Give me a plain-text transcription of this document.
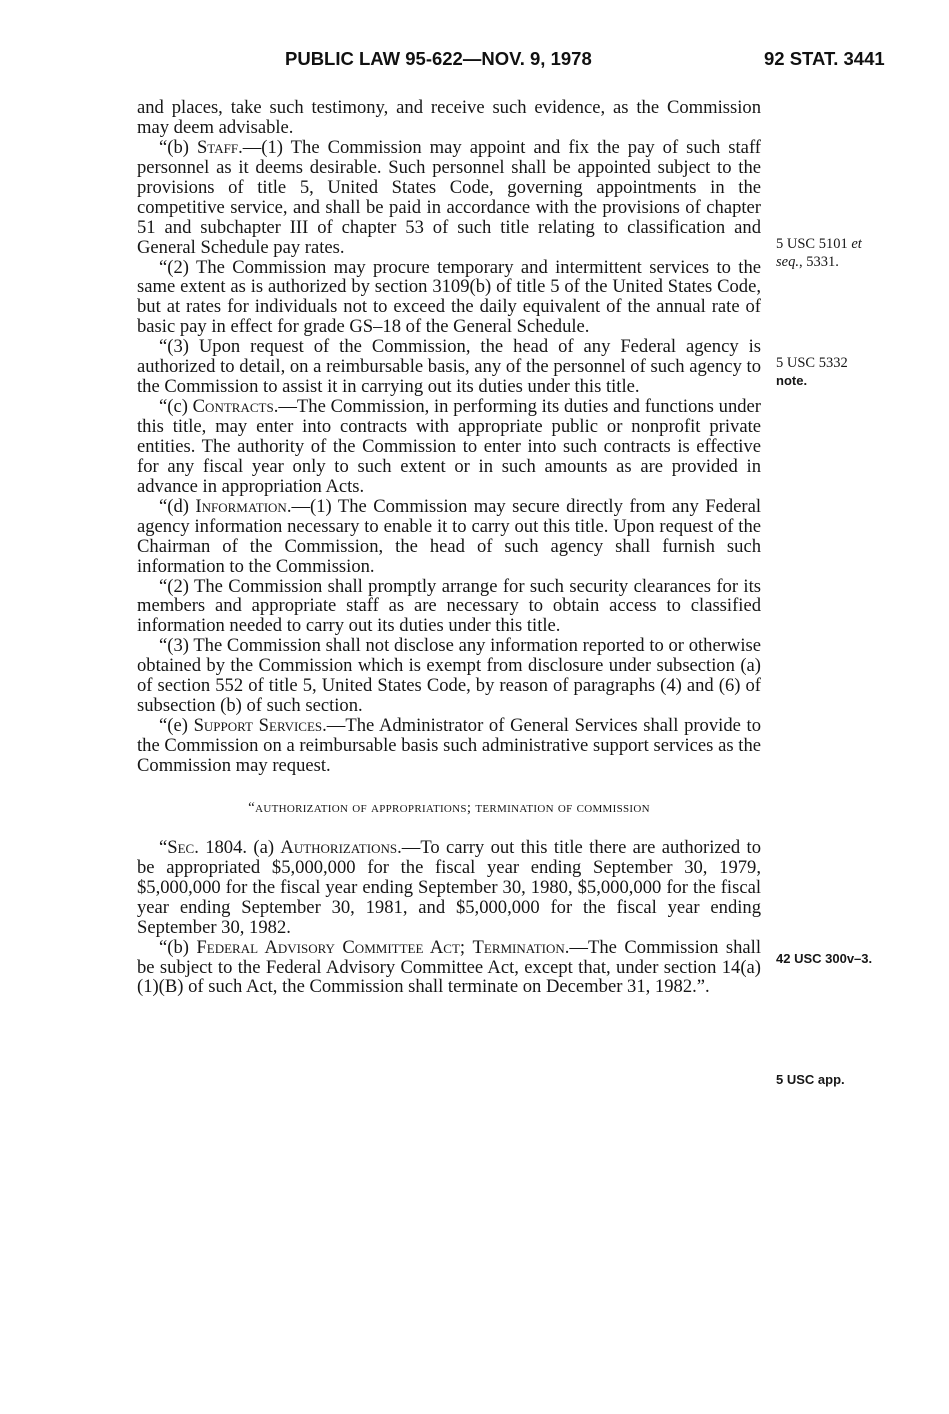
PUBLIC LAW 95-622—NOV. 9, 1978	92 STAT. 3441

and places, take such testimony, and receive such evidence, as the Commission may deem advisable.

“(b) Staff.—(1) The Commission may appoint and fix the pay of such staff personnel as it deems desirable. Such personnel shall be appointed subject to the provisions of title 5, United States Code, governing appointments in the competitive service, and shall be paid in accordance with the provisions of chapter 51 and subchapter III of chapter 53 of such title relating to classification and General Schedule pay rates.

“(2) The Commission may procure temporary and intermittent services to the same extent as is authorized by section 3109(b) of title 5 of the United States Code, but at rates for individuals not to exceed the daily equivalent of the annual rate of basic pay in effect for grade GS–18 of the General Schedule.

“(3) Upon request of the Commission, the head of any Federal agency is authorized to detail, on a reimbursable basis, any of the personnel of such agency to the Commission to assist it in carrying out its duties under this title.

“(c) Contracts.—The Commission, in performing its duties and functions under this title, may enter into contracts with appropriate public or nonprofit private entities. The authority of the Commission to enter into such contracts is effective for any fiscal year only to such extent or in such amounts as are provided in advance in appropriation Acts.

“(d) Information.—(1) The Commission may secure directly from any Federal agency information necessary to enable it to carry out this title. Upon request of the Chairman of the Commission, the head of such agency shall furnish such information to the Commission.

“(2) The Commission shall promptly arrange for such security clearances for its members and appropriate staff as are necessary to obtain access to classified information needed to carry out its duties under this title.

“(3) The Commission shall not disclose any information reported to or otherwise obtained by the Commission which is exempt from disclosure under subsection (a) of section 552 of title 5, United States Code, by reason of paragraphs (4) and (6) of subsection (b) of such section.

“(e) Support Services.—The Administrator of General Services shall provide to the Commission on a reimbursable basis such administrative support services as the Commission may request.

“authorization of appropriations; termination of commission

“Sec. 1804. (a) Authorizations.—To carry out this title there are authorized to be appropriated $5,000,000 for the fiscal year ending September 30, 1979, $5,000,000 for the fiscal year ending September 30, 1980, $5,000,000 for the fiscal year ending September 30, 1981, and $5,000,000 for the fiscal year ending September 30, 1982.

“(b) Federal Advisory Committee Act; Termination.—The Commission shall be subject to the Federal Advisory Committee Act, except that, under section 14(a)(1)(B) of such Act, the Commission shall terminate on December 31, 1982.”.

5 USC 5101 et
seq., 5331.
5 USC 5332
note.
42 USC 300v–3.
5 USC app.
